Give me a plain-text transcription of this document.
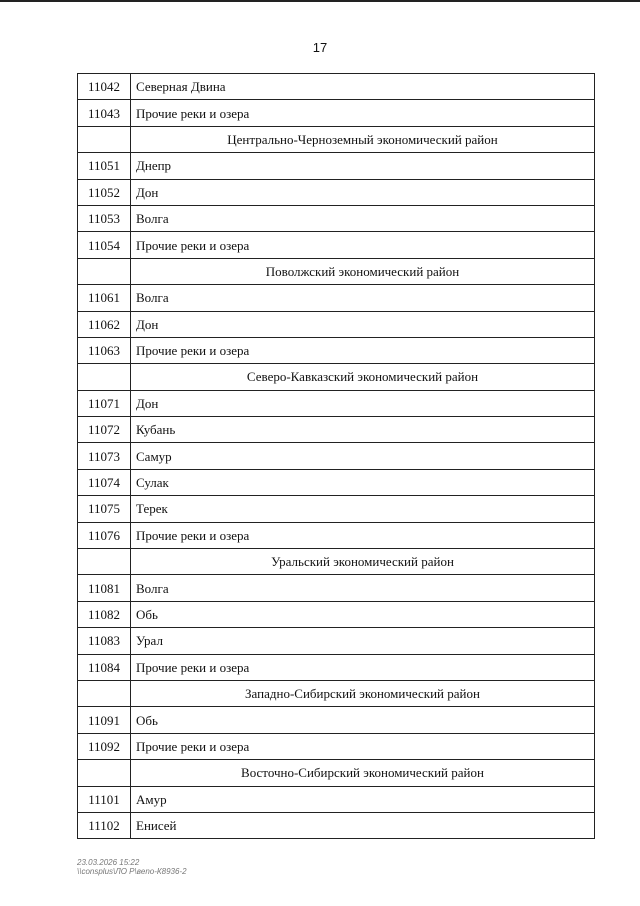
17
11042	Северная Двина
11043	Прочие реки и озера
	Центрально-Черноземный экономический район
11051	Днепр
11052	Дон
11053	Волга
11054	Прочие реки и озера
	Поволжский экономический район
11061	Волга
11062	Дон
11063	Прочие реки и озера
	Северо-Кавказский экономический район
11071	Дон
11072	Кубань
11073	Самур
11074	Сулак
11075	Терек
11076	Прочие реки и озера
	Уральский экономический район
11081	Волга
11082	Обь
11083	Урал
11084	Прочие реки и озера
	Западно-Сибирский экономический район
11091	Обь
11092	Прочие реки и озера
	Восточно-Сибирский экономический район
11101	Амур
11102	Енисей
23.03.2026 15:22
\\consplus\ЛО Р\вeno-К8936-2
